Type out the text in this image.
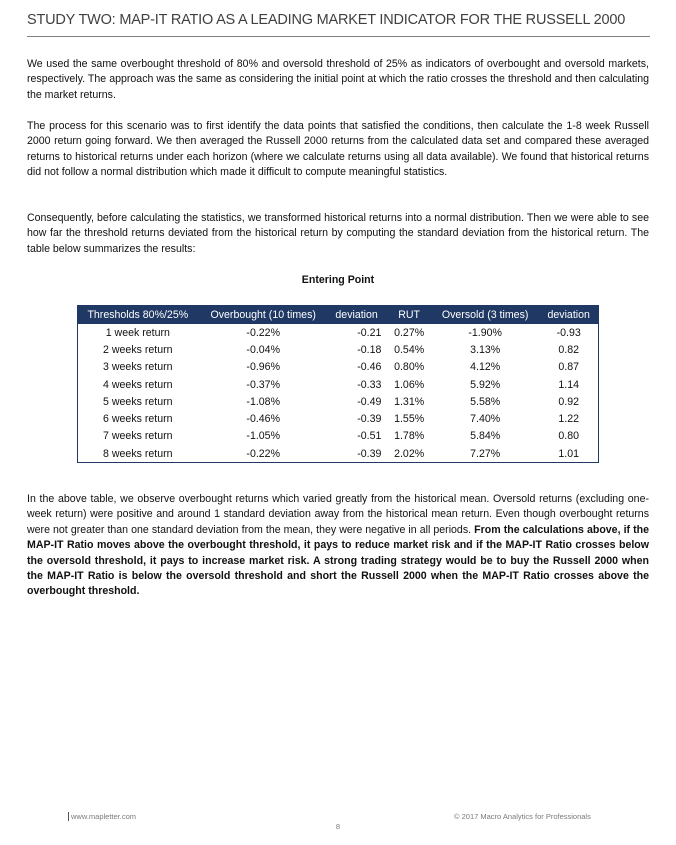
STUDY TWO: MAP-IT RATIO AS A LEADING MARKET INDICATOR FOR THE RUSSELL 2000

We used the same overbought threshold of 80% and oversold threshold of 25% as indicators of overbought and oversold markets, respectively. The approach was the same as considering the initial point at which the ratio crosses the threshold and then calculating the market returns.

The process for this scenario was to first identify the data points that satisfied the conditions, then calculate the 1-8 week Russell 2000 return going forward. We then averaged the Russell 2000 returns from the calculated data set and compared these averaged returns to historical returns under each horizon (where we calculate returns using all data available). We found that historical returns did not follow a normal distribution which made it difficult to compute meaningful statistics.

Consequently, before calculating the statistics, we transformed historical returns into a normal distribution. Then we were able to see how far the threshold returns deviated from the historical return by computing the standard deviation from the historical return. The table below summarizes the results:

Entering Point
Thresholds 80%/25%	Overbought (10 times)	deviation	RUT	Oversold (3 times)	deviation
1 week return	-0.22%	-0.21	0.27%	-1.90%	-0.93
2 weeks return	-0.04%	-0.18	0.54%	3.13%	0.82
3 weeks return	-0.96%	-0.46	0.80%	4.12%	0.87
4 weeks return	-0.37%	-0.33	1.06%	5.92%	1.14
5 weeks return	-1.08%	-0.49	1.31%	5.58%	0.92
6 weeks return	-0.46%	-0.39	1.55%	7.40%	1.22
7 weeks return	-1.05%	-0.51	1.78%	5.84%	0.80
8 weeks return	-0.22%	-0.39	2.02%	7.27%	1.01

In the above table, we observe overbought returns which varied greatly from the historical mean. Oversold returns (excluding one-week return) were positive and around 1 standard deviation away from the historical mean return. Even though overbought returns were not greater than one standard deviation from the mean, they were negative in all periods. From the calculations above, if the MAP-IT Ratio moves above the overbought threshold, it pays to reduce market risk and if the MAP-IT Ratio crosses below the oversold threshold, it pays to increase market risk. A strong trading strategy would be to buy the Russell 2000 when the MAP-IT Ratio is below the oversold threshold and short the Russell 2000 when the MAP-IT Ratio crosses above the overbought threshold.

www.mapletter.com	© 2017 Macro Analytics for Professionals
8
